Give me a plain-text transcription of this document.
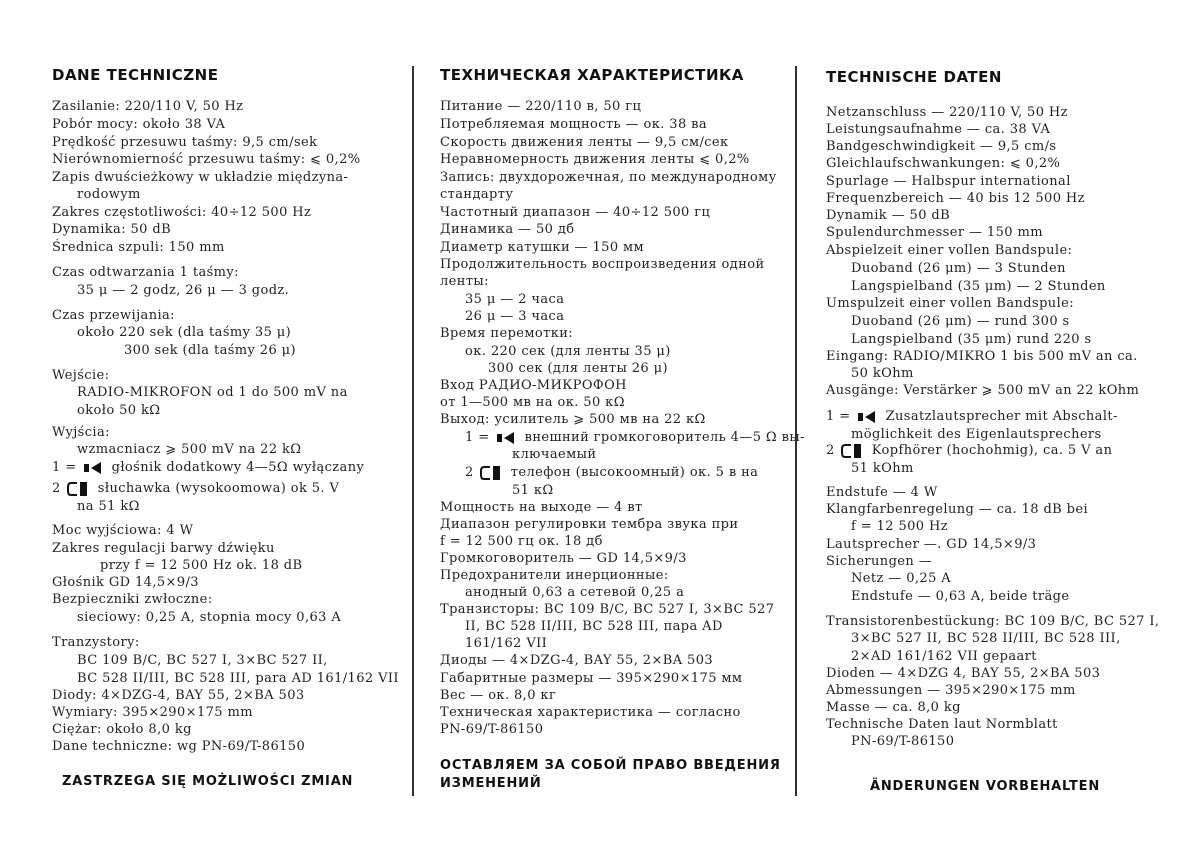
DANE TECHNICZNE
Zasilanie: 220/110 V, 50 Hz
Pobór mocy: około 38 VA
Prędkość przesuwu taśmy: 9,5 cm/sek
Nierównomierność przesuwu taśmy: ⩽ 0,2%
Zapis dwuścieżkowy w układzie międzyna-
rodowym
Zakres częstotliwości: 40÷12 500 Hz
Dynamika: 50 dB
Średnica szpuli: 150 mm
Czas odtwarzania 1 taśmy:
35 μ — 2 godz, 26 μ — 3 godz.
Czas przewijania:
około 220 sek (dla taśmy 35 μ)
300 sek (dla taśmy 26 μ)
Wejście:
RADIO-MIKROFON od 1 do 500 mV na
około 50 kΩ
Wyjścia:
wzmacniacz ⩾ 500 mV na 22 kΩ
1 =	głośnik dodatkowy 4—5Ω wyłączany
2	słuchawka (wysokoomowa) ok 5. V
na 51 kΩ
Moc wyjściowa: 4 W
Zakres regulacji barwy dźwięku
przy f = 12 500 Hz ok. 18 dB
Głośnik GD 14,5×9/3
Bezpieczniki zwłoczne:
sieciowy: 0,25 A, stopnia mocy 0,63 A
Tranzystory:
BC 109 B/C, BC 527 I, 3×BC 527 II,
BC 528 II/III, BC 528 III, para AD 161/162 VII
Diody: 4×DZG-4, BAY 55, 2×BA 503
Wymiary: 395×290×175 mm
Ciężar: około 8,0 kg
Dane techniczne: wg PN-69/T-86150
ZASTRZEGA SIĘ MOŻLIWOŚCI ZMIAN
ТЕХНИЧЕСКАЯ ХАРАКТЕРИСТИКА
Питание — 220/110 в, 50 гц
Потребляемая мощность — ок. 38 ва
Скорость движения ленты — 9,5 см/сек
Неравномерность движения ленты ⩽ 0,2%
Запись: двухдорожечная, по международному
стандарту
Частотный диапазон — 40÷12 500 гц
Динамика — 50 дб
Диаметр катушки — 150 мм
Продолжительность воспроизведения одной
ленты:
35 μ — 2 часа
26 μ — 3 часа
Время перемотки:
ок. 220 сек (для ленты 35 μ)
300 сек (для ленты 26 μ)
Вход РАДИО-МИКРОФОН
от 1—500 мв на ок. 50 кΩ
Выход: усилитель ⩾ 500 мв на 22 кΩ
1 =	внешний громкоговоритель 4—5 Ω вы-
ключаемый
2	телефон (высокоомный) ок. 5 в на
51 кΩ
Мощность на выходе — 4 вт
Диапазон регулировки тембра звука при
f = 12 500 гц ок. 18 дб
Громкоговоритель — GD 14,5×9/3
Предохранители инерционные:
анодный 0,63 а сетевой 0,25 а
Транзисторы: BC 109 B/C, BC 527 I, 3×BC 527
II, BC 528 II/III, BC 528 III, пара AD
161/162 VII
Диоды — 4×DZG-4, BAY 55, 2×BA 503
Габаритные размеры — 395×290×175 мм
Вес — ок. 8,0 кг
Техническая характеристика — согласно
PN-69/T-86150
ОСТАВЛЯЕМ ЗА СОБОЙ ПРАВО ВВЕДЕНИЯ
ИЗМЕНЕНИЙ
TECHNISCHE DATEN
Netzanschluss — 220/110 V, 50 Hz
Leistungsaufnahme — ca. 38 VA
Bandgeschwindigkeit — 9,5 cm/s
Gleichlaufschwankungen: ⩽ 0,2%
Spurlage — Halbspur international
Frequenzbereich — 40 bis 12 500 Hz
Dynamik — 50 dB
Spulendurchmesser — 150 mm
Abspielzeit einer vollen Bandspule:
Duoband (26 μm) — 3 Stunden
Langspielband (35 μm) — 2 Stunden
Umspulzeit einer vollen Bandspule:
Duoband (26 μm) — rund 300 s
Langspielband (35 μm) rund 220 s
Eingang: RADIO/MIKRO 1 bis 500 mV an ca.
50 kOhm
Ausgänge: Verstärker ⩾ 500 mV an 22 kOhm
1 =	Zusatzlautsprecher mit Abschalt-
möglichkeit des Eigenlautsprechers
2	Kopfhörer (hochohmig), ca. 5 V an
51 kOhm
Endstufe — 4 W
Klangfarbenregelung — ca. 18 dB bei
f = 12 500 Hz
Lautsprecher —. GD 14,5×9/3
Sicherungen —
Netz — 0,25 A
Endstufe — 0,63 A, beide träge
Transistorenbestückung: BC 109 B/C, BC 527 I,
3×BC 527 II, BC 528 II/III, BC 528 III,
2×AD 161/162 VII gepaart
Dioden — 4×DZG 4, BAY 55, 2×BA 503
Abmessungen — 395×290×175 mm
Masse — ca. 8,0 kg
Technische Daten laut Normblatt
PN-69/T-86150
ÄNDERUNGEN VORBEHALTEN
